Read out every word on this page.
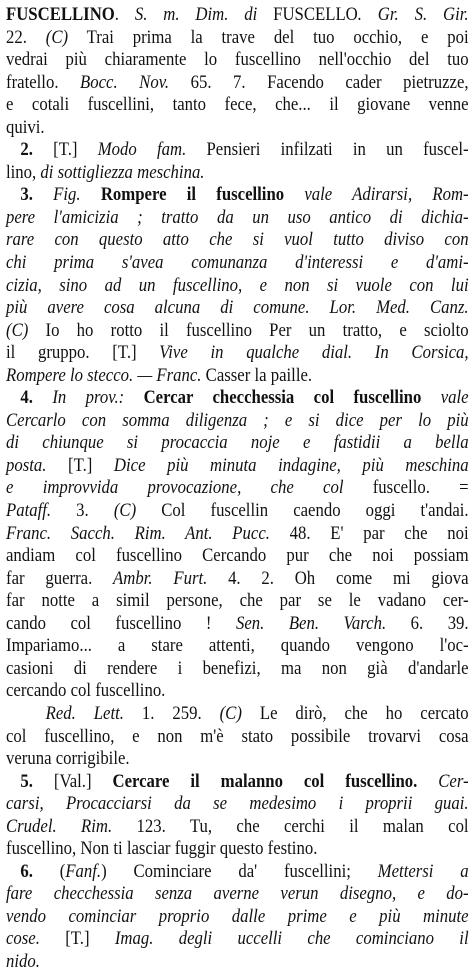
FUSCELLINO. S. m. Dim. di FUSCELLO. Gr. S. Gir.
22. (C) Trai prima la trave del tuo occhio, e poi
vedrai più chiaramente lo fuscellino nell'occhio del tuo
fratello. Bocc. Nov. 65. 7. Facendo cader pietruzze,
e cotali fuscellini, tanto fece, che... il giovane venne
quivi.
2. [T.] Modo fam. Pensieri infilzati in un fuscel-
lino, di sottigliezza meschina.
3. Fig. Rompere il fuscellino vale Adirarsi, Rom-
pere l'amicizia ; tratto da un uso antico di dichia-
rare con questo atto che si vuol tutto diviso con
chi prima s'avea comunanza d'interessi e d'ami-
cizia, sino ad un fuscellino, e non si vuole con lui
più avere cosa alcuna di comune. Lor. Med. Canz.
(C) Io ho rotto il fuscellino Per un tratto, e sciolto
il gruppo. [T.] Vive in qualche dial. In Corsica,
Rompere lo stecco. — Franc. Casser la paille.
4. In prov.: Cercar checchessia col fuscellino vale
Cercarlo con somma diligenza ; e si dice per lo più
di chiunque si procaccia noje e fastidii a bella
posta. [T.] Dice più minuta indagine, più meschina
e improvvida provocazione, che col fuscello. =
Pataff. 3. (C) Col fuscellin caendo oggi t'andai.
Franc. Sacch. Rim. Ant. Pucc. 48. E' par che noi
andiam col fuscellino Cercando pur che noi possiam
far guerra. Ambr. Furt. 4. 2. Oh come mi giova
far notte a simil persone, che par se le vadano cer-
cando col fuscellino ! Sen. Ben. Varch. 6. 39.
Impariamo... a stare attenti, quando vengono l'oc-
casioni di rendere i benefizi, ma non già d'andarle
cercando col fuscellino.
Red. Lett. 1. 259. (C) Le dirò, che ho cercato
col fuscellino, e non m'è stato possibile trovarvi cosa
veruna corrigibile.
5. [Val.] Cercare il malanno col fuscellino. Cer-
carsi, Procacciarsi da se medesimo i proprii guai.
Crudel. Rim. 123. Tu, che cerchi il malan col
fuscellino, Non ti lasciar fuggir questo festino.
6. (Fanf.) Cominciare da' fuscellini; Mettersi a
fare checchessia senza averne verun disegno, e do-
vendo cominciar proprio dalle prime e più minute
cose. [T.] Imag. degli uccelli che cominciano il
nido.
